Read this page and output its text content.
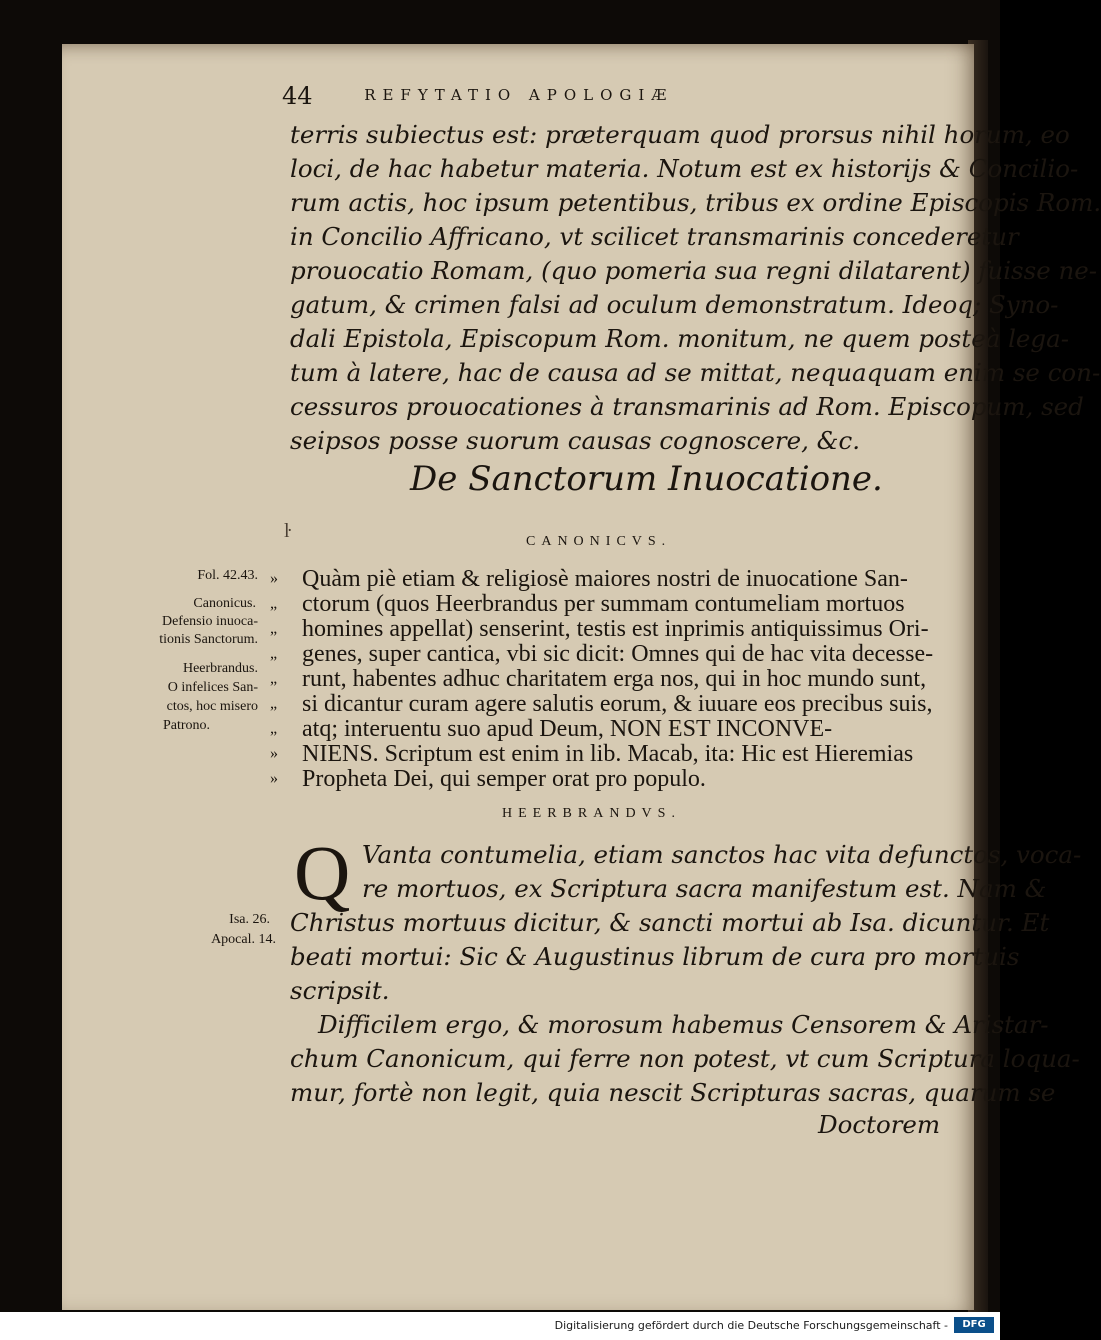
44	REFYTATIO APOLOGIÆ
terris subiectus est: præterquam quod prorsus nihil horum, eo
loci, de hac habetur materia. Notum est ex historijs & Concilio-
rum actis, hoc ipsum petentibus, tribus ex ordine Episcopis Rom.
in Concilio Affricano, vt scilicet transmarinis concederetur
prouocatio Romam, (quo pomeria sua regni dilatarent) fuisse ne-
gatum, & crimen falsi ad oculum demonstratum. Ideoq; Syno-
dali Epistola, Episcopum Rom. monitum, ne quem posteà lega-
tum à latere, hac de causa ad se mittat, nequaquam enim se con-
cessuros prouocationes à transmarinis ad Rom. Episcopum, sed
seipsos posse suorum causas cognoscere, &c.
De Sanctorum Inuocatione.
ŀ	CANONICVS.
Quàm piè etiam & religiosè maiores nostri de inuocatione San-
ctorum (quos Heerbrandus per summam contumeliam mortuos
homines appellat) senserint, testis est inprimis antiquissimus Ori-
genes, super cantica, vbi sic dicit: Omnes qui de hac vita decesse-
runt, habentes adhuc charitatem erga nos, qui in hoc mundo sunt,
si dicantur curam agere salutis eorum, & iuuare eos precibus suis,
atq; interuentu suo apud Deum, NON EST INCONVE-
NIENS. Scriptum est enim in lib. Macab, ita: Hic est Hieremias
Propheta Dei, qui semper orat pro populo.
»
„
„
„
„
„
„
»
»
Fol. 42.43.
Canonicus.
Defensio inuoca-
tionis Sanctorum.
Heerbrandus.
O infelices San-
ctos, hoc misero
Patrono.
HEERBRANDVS.
Q Vanta contumelia, etiam sanctos hac vita defunctos, voca-
re mortuos, ex Scriptura sacra manifestum est. Nam &
Christus mortuus dicitur, & sancti mortui ab Isa. dicuntur. Et
beati mortui: Sic & Augustinus librum de cura pro mortuis
scripsit.
Difficilem ergo, & morosum habemus Censorem & Aristar-
chum Canonicum, qui ferre non potest, vt cum Scriptura loqua-
mur, fortè non legit, quia nescit Scripturas sacras, quarum se
Doctorem
Isa. 26.
Apocal. 14.
Digitalisierung gefördert durch die Deutsche Forschungsgemeinschaft -	DFG
